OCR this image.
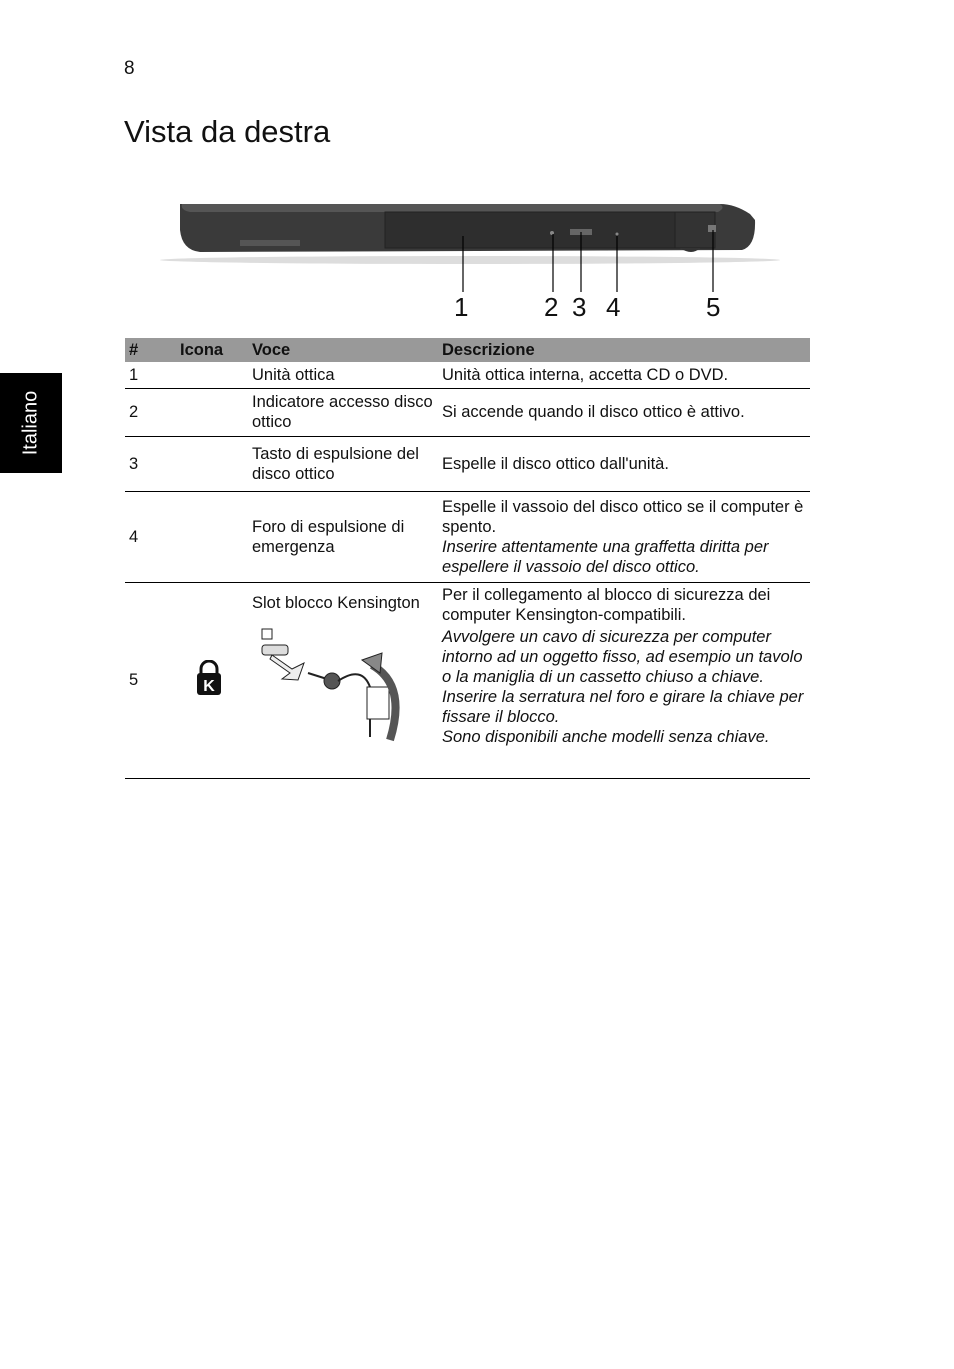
8
Vista da destra
Italiano
1	2 3 4	5
#	Icona	Voce	Descrizione
1		Unità ottica	Unità ottica interna, accetta CD o DVD.
2		Indicatore accesso disco ottico	Si accende quando il disco ottico è attivo.
3		Tasto di espulsione del disco ottico	Espelle il disco ottico dall'unità.
4		Foro di espulsione di emergenza	Espelle il vassoio del disco ottico se il computer è spento.
Inserire attentamente una graffetta diritta per espellere il vassoio del disco ottico.

5	K	Slot blocco Kensington	Per il collegamento al blocco di sicurezza dei computer Kensington-compatibili.
Avvolgere un cavo di sicurezza per computer intorno ad un oggetto fisso, ad esempio un tavolo o la maniglia di un cassetto chiuso a chiave.
Inserire la serratura nel foro e girare la chiave per fissare il blocco.
Sono disponibili anche modelli senza chiave.
